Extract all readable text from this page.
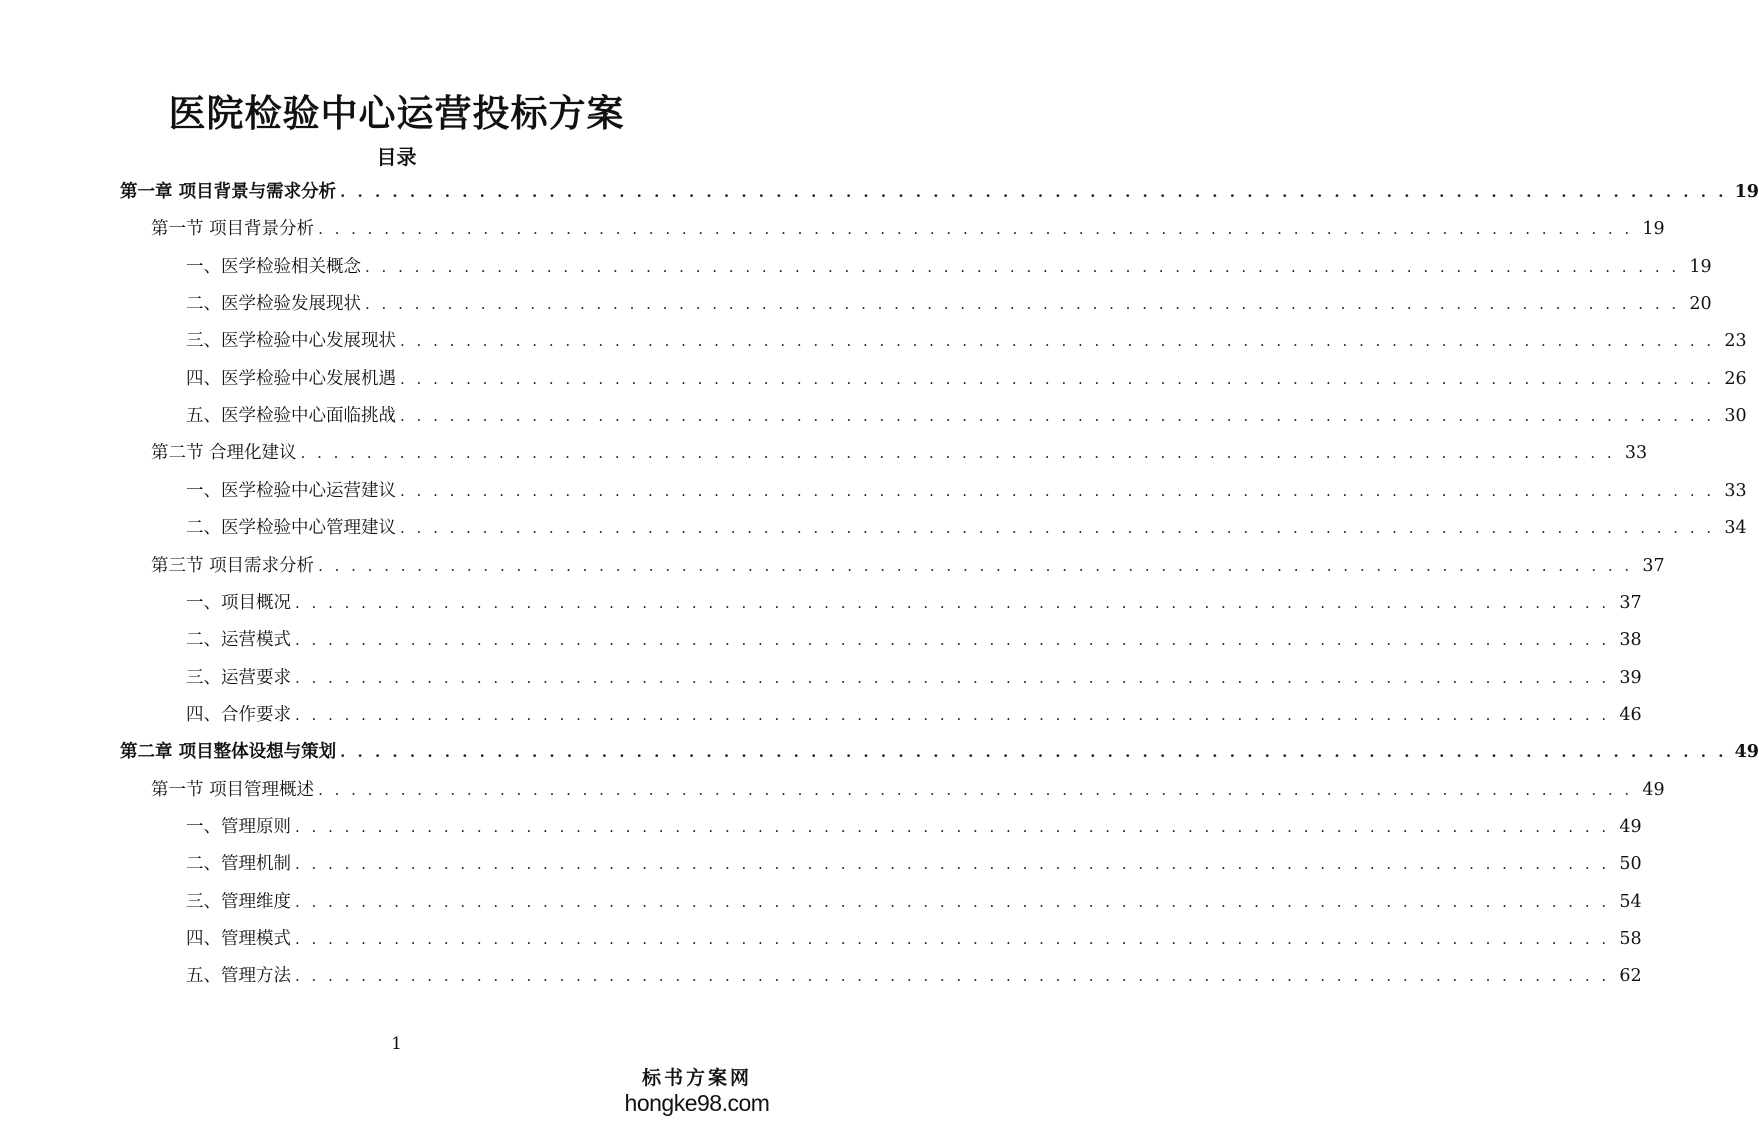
医院检验中心运营投标方案
目录
第一章 项目背景与需求分析 . . . . . . . . . . . . . . . . . . . . . . . . . . . . . . . . . . . . . . . . . . . . . . . . . . . . . . . . . . . . . . . . . . . . . . . . . . . . . . . . 19
第一节 项目背景分析 . . . . . . . . . . . . . . . . . . . . . . . . . . . . . . . . . . . . . . . . . . . . . . . . . . . . . . . . . . . . . . . . . . . . . . . . . . . . . . . . 19
一、医学检验相关概念 . . . . . . . . . . . . . . . . . . . . . . . . . . . . . . . . . . . . . . . . . . . . . . . . . . . . . . . . . . . . . . . . . . . . . . . . . . . . . . . . 19
二、医学检验发展现状 . . . . . . . . . . . . . . . . . . . . . . . . . . . . . . . . . . . . . . . . . . . . . . . . . . . . . . . . . . . . . . . . . . . . . . . . . . . . . . . . 20
三、医学检验中心发展现状 . . . . . . . . . . . . . . . . . . . . . . . . . . . . . . . . . . . . . . . . . . . . . . . . . . . . . . . . . . . . . . . . . . . . . . . . . . . . . . . . 23
四、医学检验中心发展机遇 . . . . . . . . . . . . . . . . . . . . . . . . . . . . . . . . . . . . . . . . . . . . . . . . . . . . . . . . . . . . . . . . . . . . . . . . . . . . . . . . 26
五、医学检验中心面临挑战 . . . . . . . . . . . . . . . . . . . . . . . . . . . . . . . . . . . . . . . . . . . . . . . . . . . . . . . . . . . . . . . . . . . . . . . . . . . . . . . . 30
第二节 合理化建议 . . . . . . . . . . . . . . . . . . . . . . . . . . . . . . . . . . . . . . . . . . . . . . . . . . . . . . . . . . . . . . . . . . . . . . . . . . . . . . . . 33
一、医学检验中心运营建议 . . . . . . . . . . . . . . . . . . . . . . . . . . . . . . . . . . . . . . . . . . . . . . . . . . . . . . . . . . . . . . . . . . . . . . . . . . . . . . . . 33
二、医学检验中心管理建议 . . . . . . . . . . . . . . . . . . . . . . . . . . . . . . . . . . . . . . . . . . . . . . . . . . . . . . . . . . . . . . . . . . . . . . . . . . . . . . . . 34
第三节 项目需求分析 . . . . . . . . . . . . . . . . . . . . . . . . . . . . . . . . . . . . . . . . . . . . . . . . . . . . . . . . . . . . . . . . . . . . . . . . . . . . . . . . 37
一、项目概况 . . . . . . . . . . . . . . . . . . . . . . . . . . . . . . . . . . . . . . . . . . . . . . . . . . . . . . . . . . . . . . . . . . . . . . . . . . . . . . . . 37
二、运营模式 . . . . . . . . . . . . . . . . . . . . . . . . . . . . . . . . . . . . . . . . . . . . . . . . . . . . . . . . . . . . . . . . . . . . . . . . . . . . . . . . 38
三、运营要求 . . . . . . . . . . . . . . . . . . . . . . . . . . . . . . . . . . . . . . . . . . . . . . . . . . . . . . . . . . . . . . . . . . . . . . . . . . . . . . . . 39
四、合作要求 . . . . . . . . . . . . . . . . . . . . . . . . . . . . . . . . . . . . . . . . . . . . . . . . . . . . . . . . . . . . . . . . . . . . . . . . . . . . . . . . 46
第二章 项目整体设想与策划 . . . . . . . . . . . . . . . . . . . . . . . . . . . . . . . . . . . . . . . . . . . . . . . . . . . . . . . . . . . . . . . . . . . . . . . . . . . . . . . . 49
第一节 项目管理概述 . . . . . . . . . . . . . . . . . . . . . . . . . . . . . . . . . . . . . . . . . . . . . . . . . . . . . . . . . . . . . . . . . . . . . . . . . . . . . . . . 49
一、管理原则 . . . . . . . . . . . . . . . . . . . . . . . . . . . . . . . . . . . . . . . . . . . . . . . . . . . . . . . . . . . . . . . . . . . . . . . . . . . . . . . . 49
二、管理机制 . . . . . . . . . . . . . . . . . . . . . . . . . . . . . . . . . . . . . . . . . . . . . . . . . . . . . . . . . . . . . . . . . . . . . . . . . . . . . . . . 50
三、管理维度 . . . . . . . . . . . . . . . . . . . . . . . . . . . . . . . . . . . . . . . . . . . . . . . . . . . . . . . . . . . . . . . . . . . . . . . . . . . . . . . . 54
四、管理模式 . . . . . . . . . . . . . . . . . . . . . . . . . . . . . . . . . . . . . . . . . . . . . . . . . . . . . . . . . . . . . . . . . . . . . . . . . . . . . . . . 58
五、管理方法 . . . . . . . . . . . . . . . . . . . . . . . . . . . . . . . . . . . . . . . . . . . . . . . . . . . . . . . . . . . . . . . . . . . . . . . . . . . . . . . . 62
1
标书方案网
hongke98.com
